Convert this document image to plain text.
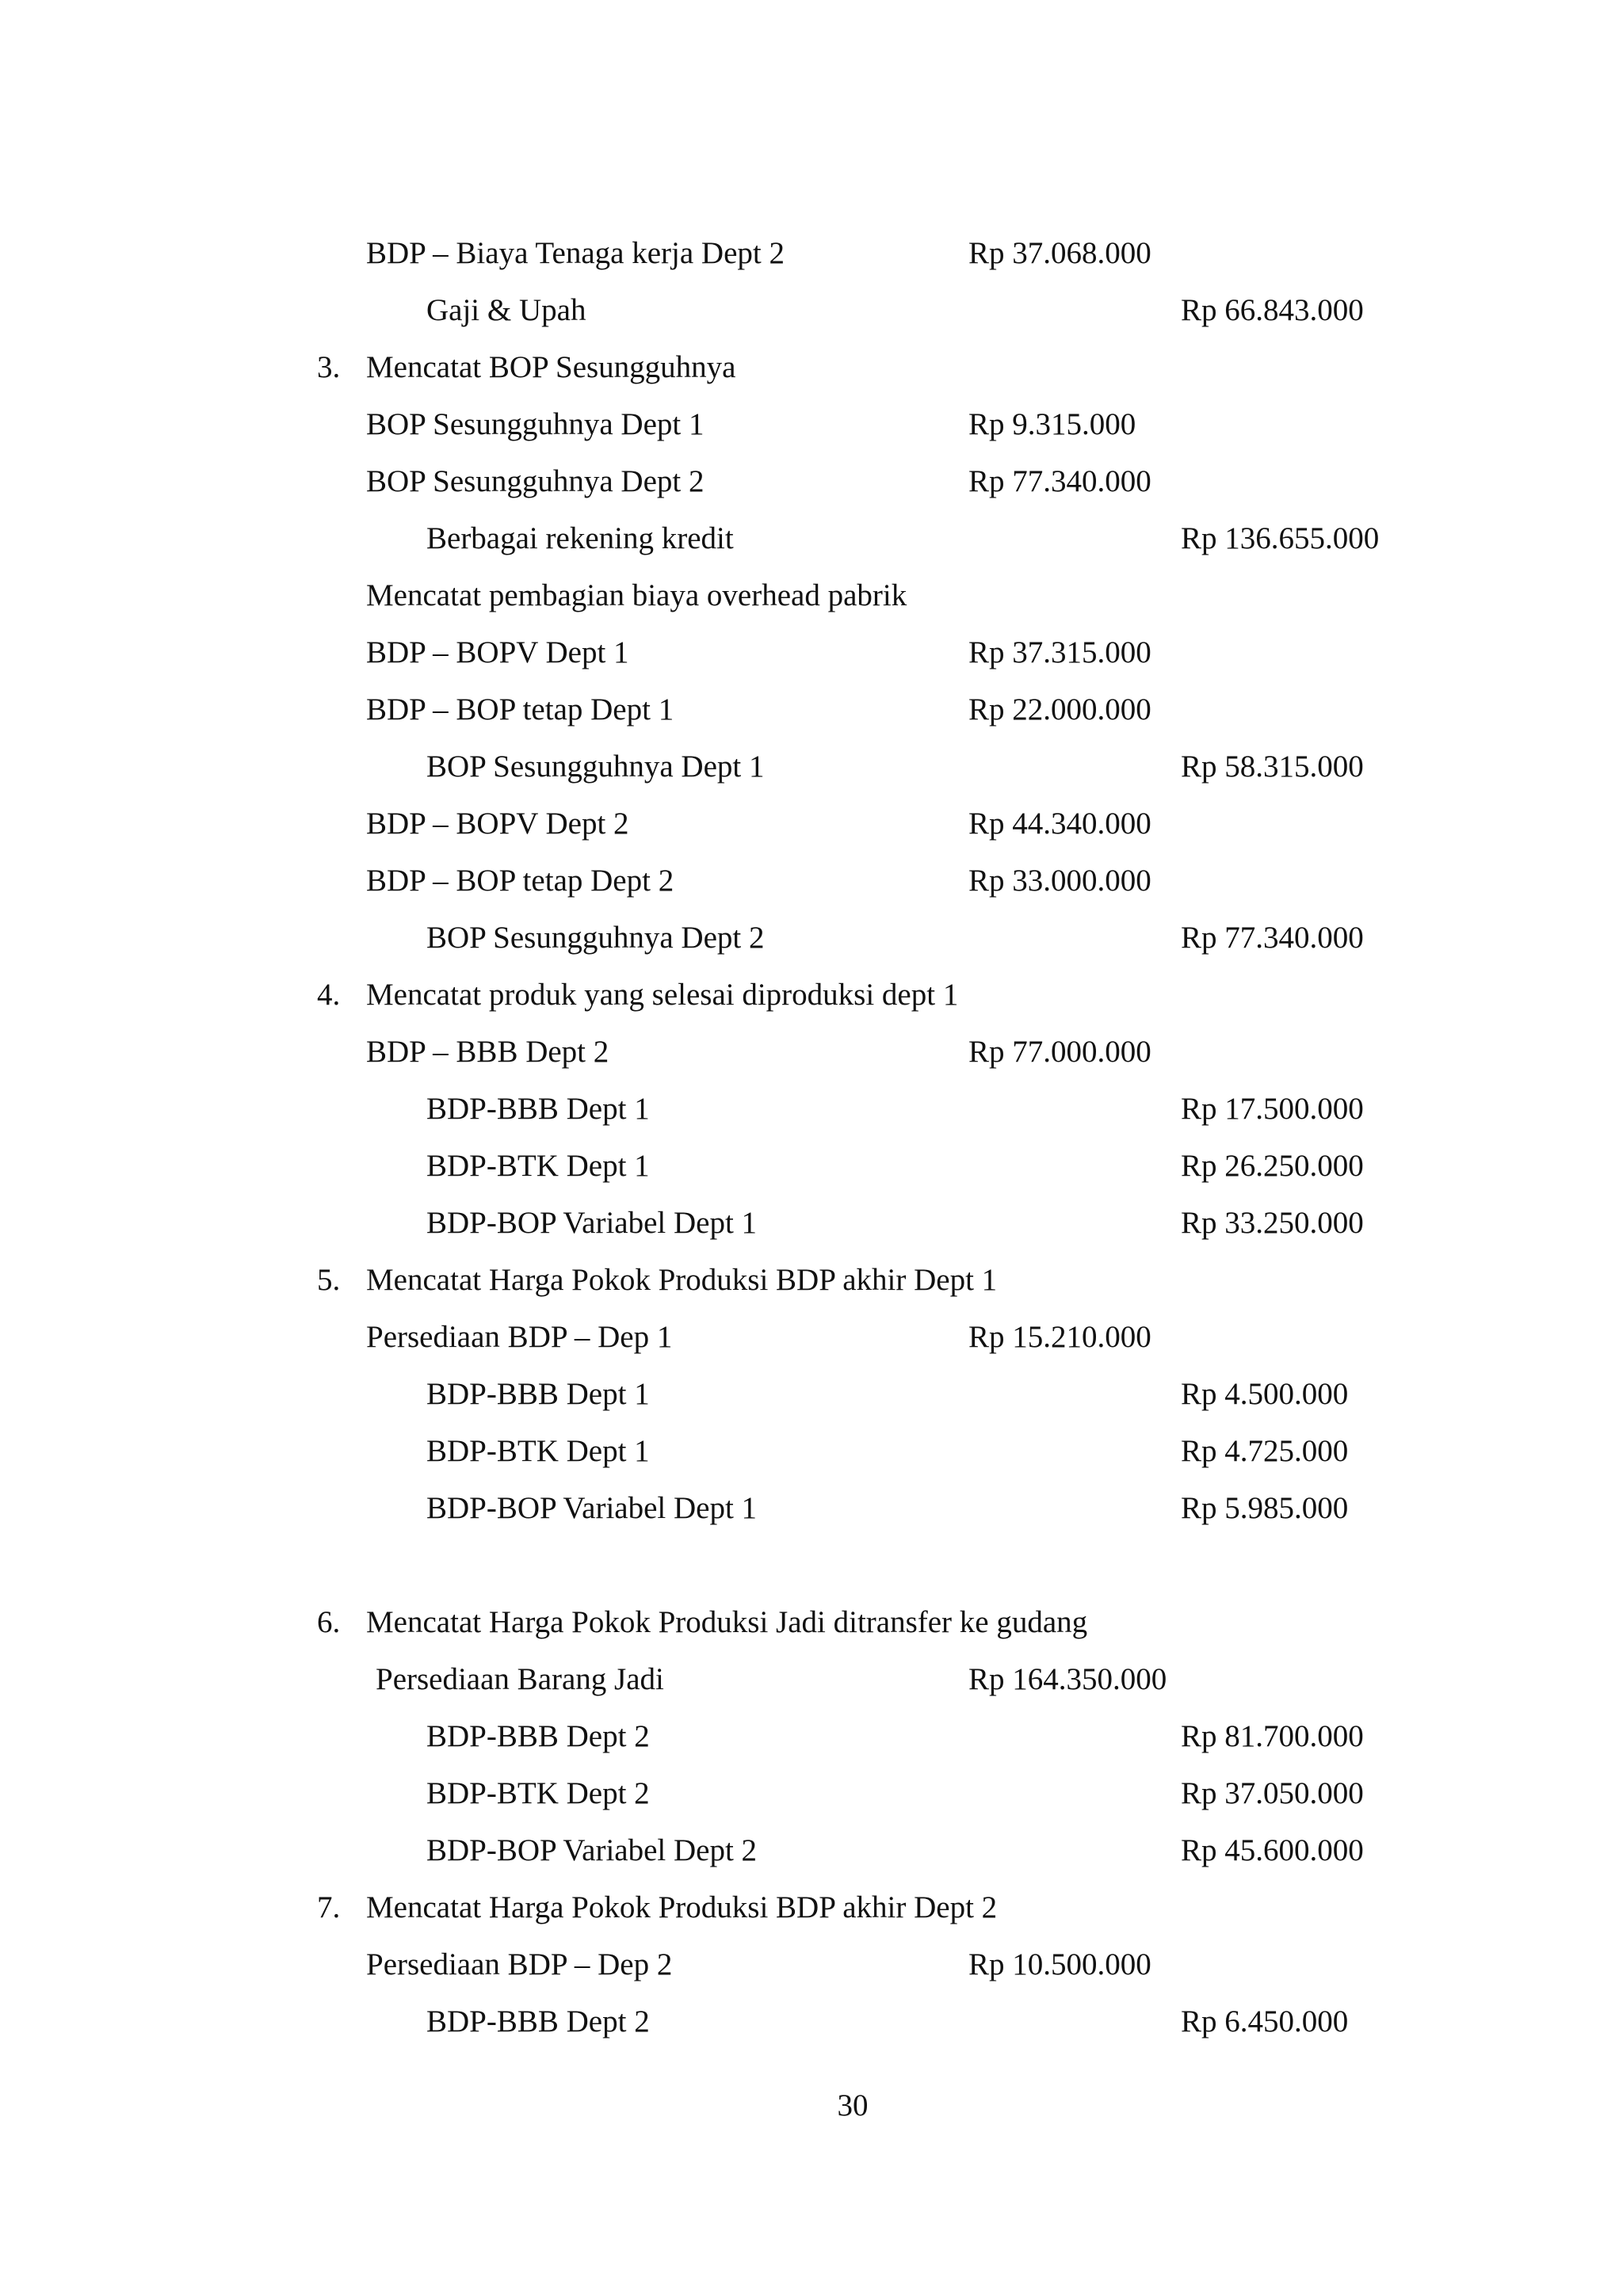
BDP – Biaya Tenaga kerja Dept 2	Rp 37.068.000
Gaji & Upah	Rp 66.843.000
3. Mencatat BOP Sesungguhnya
BOP Sesungguhnya Dept 1	Rp 9.315.000
BOP Sesungguhnya Dept 2	Rp 77.340.000
Berbagai rekening kredit	Rp 136.655.000
Mencatat pembagian biaya overhead pabrik
BDP – BOPV Dept 1	Rp 37.315.000
BDP – BOP tetap Dept 1	Rp 22.000.000
BOP Sesungguhnya Dept 1	Rp 58.315.000
BDP – BOPV Dept 2	Rp 44.340.000
BDP – BOP tetap Dept 2	Rp 33.000.000
BOP Sesungguhnya Dept 2	Rp 77.340.000
4. Mencatat produk yang selesai diproduksi dept 1
BDP – BBB Dept 2	Rp 77.000.000
BDP-BBB Dept 1	Rp 17.500.000
BDP-BTK Dept 1	Rp 26.250.000
BDP-BOP Variabel Dept 1	Rp 33.250.000
5. Mencatat Harga Pokok Produksi BDP akhir Dept 1
Persediaan BDP – Dep 1	Rp 15.210.000
BDP-BBB Dept 1	Rp 4.500.000
BDP-BTK Dept 1	Rp 4.725.000
BDP-BOP Variabel Dept 1	Rp 5.985.000
6. Mencatat Harga Pokok Produksi Jadi ditransfer ke gudang
Persediaan Barang Jadi	Rp 164.350.000
BDP-BBB Dept 2	Rp 81.700.000
BDP-BTK Dept 2	Rp 37.050.000
BDP-BOP Variabel Dept 2	Rp 45.600.000
7. Mencatat Harga Pokok Produksi BDP akhir Dept 2
Persediaan BDP – Dep 2	Rp 10.500.000
BDP-BBB Dept 2	Rp 6.450.000
30
